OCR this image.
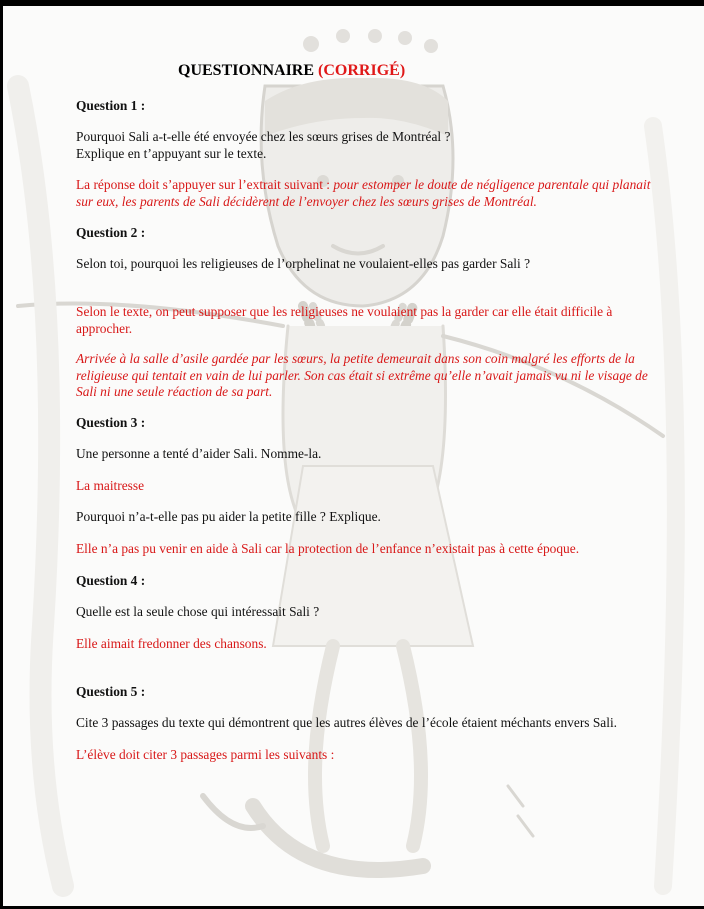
QUESTIONNAIRE (CORRIGÉ)
Question 1 :
Pourquoi Sali a-t-elle été envoyée chez les sœurs grises de Montréal ?
Explique en t’appuyant sur le texte.
La réponse doit s’appuyer sur l’extrait suivant : pour estomper le doute de négligence parentale qui planait sur eux, les parents de Sali décidèrent de l’envoyer chez les sœurs grises de Montréal.
Question 2 :
Selon toi, pourquoi les religieuses de l’orphelinat ne voulaient-elles pas garder Sali ?
Selon le texte, on peut supposer que les religieuses ne voulaient pas la garder car elle était difficile à approcher.
Arrivée à la salle d’asile gardée par les sœurs, la petite demeurait dans son coin malgré les efforts de la religieuse qui tentait en vain de lui parler. Son cas était si extrême qu’elle n’avait jamais vu ni le visage de Sali ni une seule réaction de sa part.
Question 3 :
Une personne a tenté d’aider Sali. Nomme-la.
La maitresse
Pourquoi n’a-t-elle pas pu aider la petite fille ? Explique.
Elle n’a pas pu venir en aide à Sali car la protection de l’enfance n’existait pas à cette époque.
Question 4 :
Quelle est la seule chose qui intéressait Sali ?
Elle aimait fredonner des chansons.
Question 5 :
Cite 3 passages du texte qui démontrent que les autres élèves de l’école étaient méchants envers Sali.
L’élève doit citer 3 passages parmi les suivants :
